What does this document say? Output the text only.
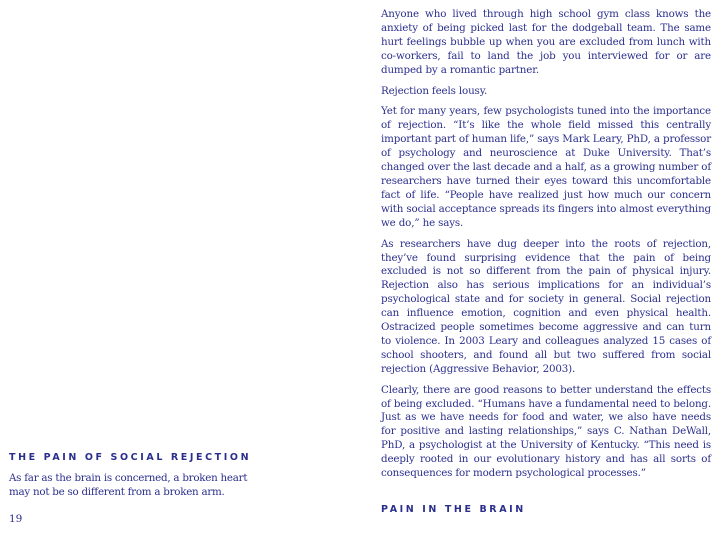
THE PAIN OF SOCIAL REJECTION

As far as the brain is concerned, a broken heart may not be so different from a broken arm.

19

Anyone who lived through high school gym class knows the anxiety of being picked last for the dodgeball team. The same hurt feelings bubble up when you are excluded from lunch with co-workers, fail to land the job you interviewed for or are dumped by a romantic partner.

Rejection feels lousy.

Yet for many years, few psychologists tuned into the importance of rejection. “It’s like the whole field missed this centrally important part of human life,” says Mark Leary, PhD, a professor of psychology and neuroscience at Duke University. That’s changed over the last decade and a half, as a growing number of researchers have turned their eyes toward this uncomfortable fact of life. “People have realized just how much our concern with social acceptance spreads its fingers into almost everything we do,” he says.

As researchers have dug deeper into the roots of rejection, they’ve found surprising evidence that the pain of being excluded is not so different from the pain of physical injury. Rejection also has serious implications for an individual’s psychological state and for society in general. Social rejection can influence emotion, cognition and even physical health. Ostracized people sometimes become aggressive and can turn to violence. In 2003 Leary and colleagues analyzed 15 cases of school shooters, and found all but two suffered from social rejection (Aggressive Behavior, 2003).

Clearly, there are good reasons to better understand the effects of being excluded. “Humans have a fundamental need to belong. Just as we have needs for food and water, we also have needs for positive and lasting relationships,” says C. Nathan DeWall, PhD, a psychologist at the University of Kentucky. “This need is deeply rooted in our evolutionary history and has all sorts of consequences for modern psychological processes.”

PAIN IN THE BRAIN
